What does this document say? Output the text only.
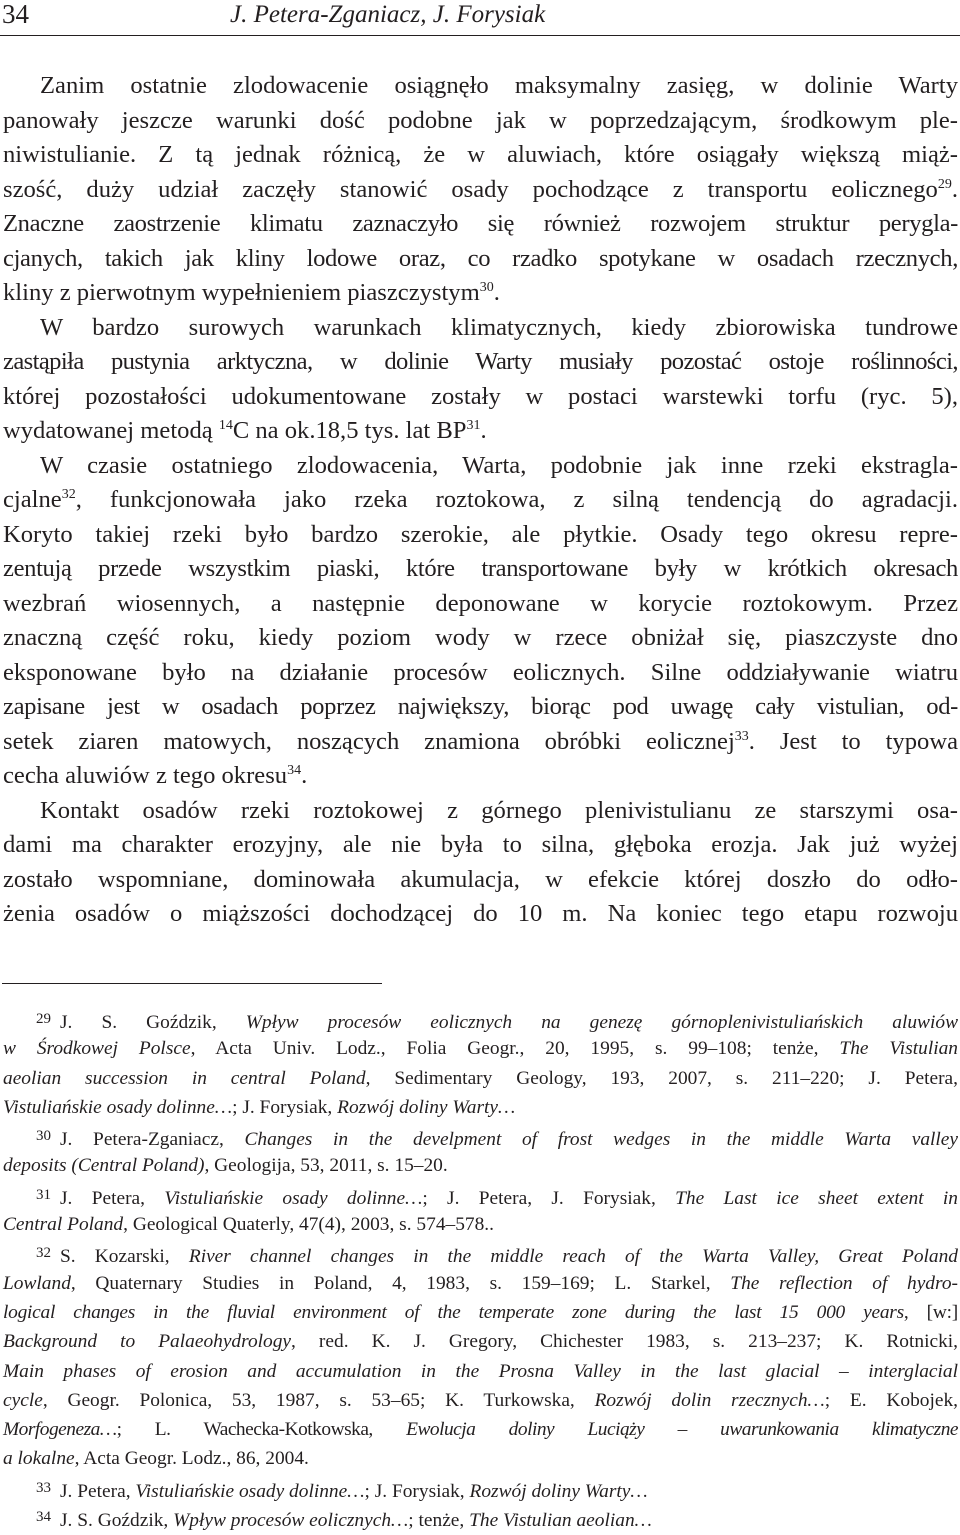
34	J. Petera-Zganiacz, J. Forysiak
Zanim ostatnie zlodowacenie osiągnęło maksymalny zasięg, w dolinie Warty
panowały jeszcze warunki dość podobne jak w poprzedzającym, środkowym ple-
niwistulianie. Z tą jednak różnicą, że w aluwiach, które osiągały większą miąż-
szość, duży udział zaczęły stanowić osady pochodzące z transportu eolicznego$^{29}$.
Znaczne zaostrzenie klimatu zaznaczyło się również rozwojem struktur perygla-
cjanych, takich jak kliny lodowe oraz, co rzadko spotykane w osadach rzecznych,
kliny z pierwotnym wypełnieniem piaszczystym$^{30}$.
W bardzo surowych warunkach klimatycznych, kiedy zbiorowiska tundrowe
zastąpiła pustynia arktyczna, w dolinie Warty musiały pozostać ostoje roślinności,
której pozostałości udokumentowane zostały w postaci warstewki torfu (ryc. 5),
wydatowanej metodą $^{14}$C na ok.18,5 tys. lat BP$^{31}$.
W czasie ostatniego zlodowacenia, Warta, podobnie jak inne rzeki ekstragla-
cjalne$^{32}$, funkcjonowała jako rzeka roztokowa, z silną tendencją do agradacji.
Koryto takiej rzeki było bardzo szerokie, ale płytkie. Osady tego okresu repre-
zentują przede wszystkim piaski, które transportowane były w krótkich okresach
wezbrań wiosennych, a następnie deponowane w korycie roztokowym. Przez
znaczną część roku, kiedy poziom wody w rzece obniżał się, piaszczyste dno
eksponowane było na działanie procesów eolicznych. Silne oddziaływanie wiatru
zapisane jest w osadach poprzez największy, biorąc pod uwagę cały vistulian, od-
setek ziaren matowych, noszących znamiona obróbki eolicznej$^{33}$. Jest to typowa
cecha aluwiów z tego okresu$^{34}$.
Kontakt osadów rzeki roztokowej z górnego plenivistulianu ze starszymi osa-
dami ma charakter erozyjny, ale nie była to silna, głęboka erozja. Jak już wyżej
zostało wspomniane, dominowała akumulacja, w efekcie której doszło do odło-
żenia osadów o miąższości dochodzącej do 10 m. Na koniec tego etapu rozwoju
$^{29}$ J. S. Goździk, Wpływ procesów eolicznych na genezę górnoplenivistuliańskich aluwiów
w Środkowej Polsce, Acta Univ. Lodz., Folia Geogr., 20, 1995, s. 99–108; tenże, The Vistulian
aeolian succession in central Poland, Sedimentary Geology, 193, 2007, s. 211–220; J. Petera,
Vistuliańskie osady dolinne…; J. Forysiak, Rozwój doliny Warty…
$^{30}$ J. Petera-Zganiacz, Changes in the develpment of frost wedges in the middle Warta valley
deposits (Central Poland), Geologija, 53, 2011, s. 15–20.
$^{31}$ J. Petera, Vistuliańskie osady dolinne…; J. Petera, J. Forysiak, The Last ice sheet extent in
Central Poland, Geological Quaterly, 47(4), 2003, s. 574–578..
$^{32}$ S. Kozarski, River channel changes in the middle reach of the Warta Valley, Great Poland
Lowland, Quaternary Studies in Poland, 4, 1983, s. 159–169; L. Starkel, The reflection of hydro-
logical changes in the fluvial environment of the temperate zone during the last 15 000 years, [w:]
Background to Palaeohydrology, red. K. J. Gregory, Chichester 1983, s. 213–237; K. Rotnicki,
Main phases of erosion and accumulation in the Prosna Valley in the last glacial – interglacial
cycle, Geogr. Polonica, 53, 1987, s. 53–65; K. Turkowska, Rozwój dolin rzecznych…; E. Kobojek,
Morfogeneza…; L. Wachecka-Kotkowska, Ewolucja doliny Luciąży – uwarunkowania klimatyczne
a lokalne, Acta Geogr. Lodz., 86, 2004.
$^{33}$ J. Petera, Vistuliańskie osady dolinne…; J. Forysiak, Rozwój doliny Warty…
$^{34}$ J. S. Goździk, Wpływ procesów eolicznych…; tenże, The Vistulian aeolian…
